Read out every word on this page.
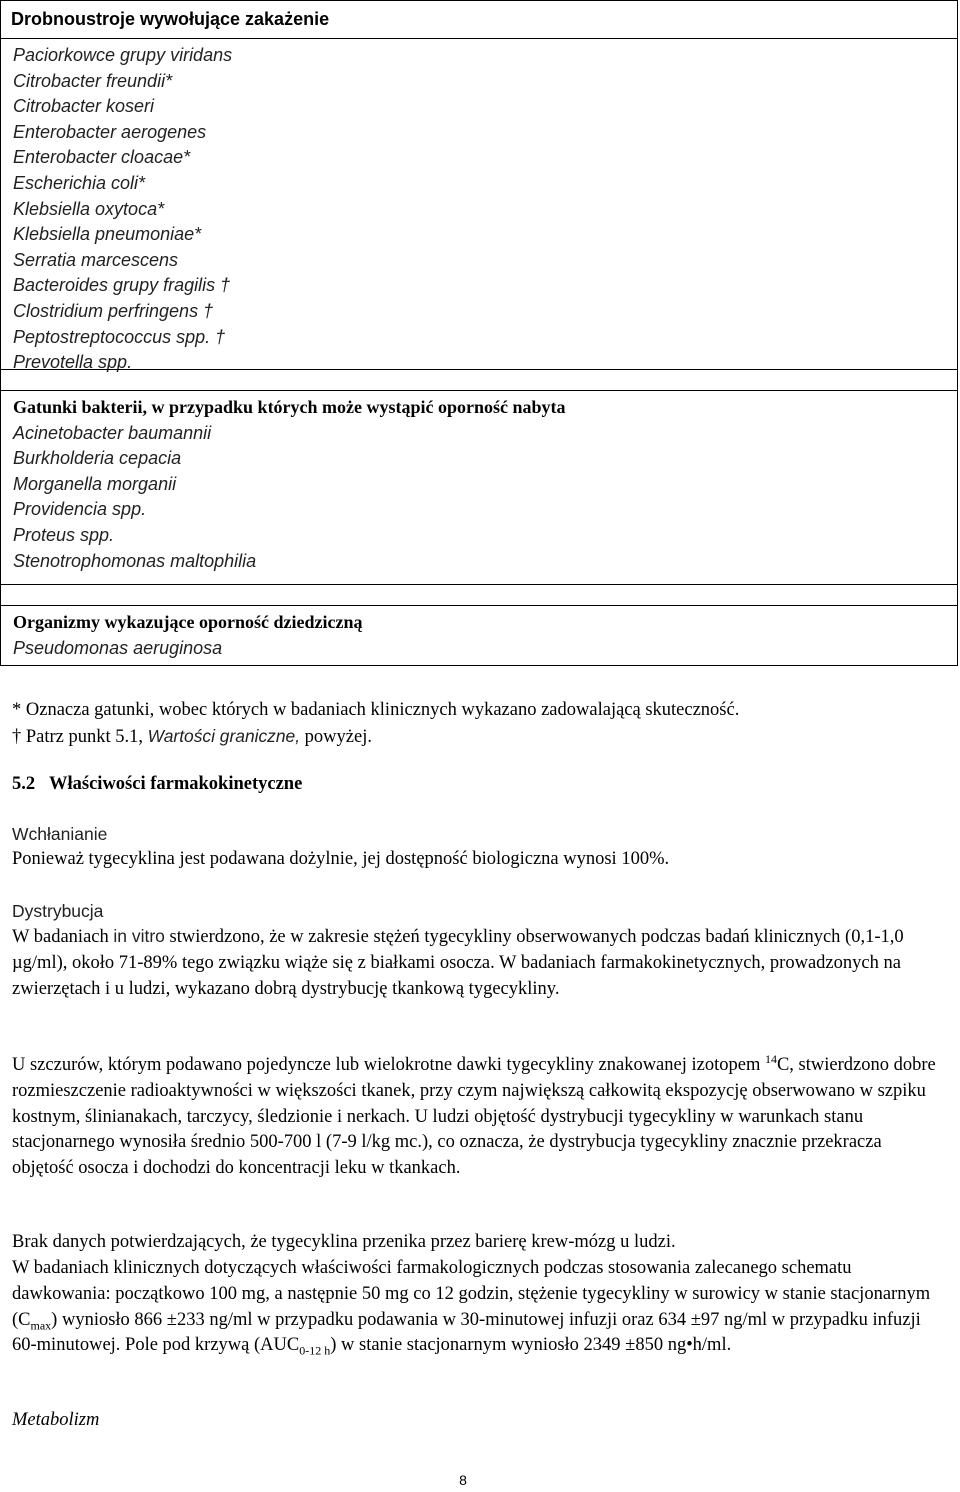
Drobnoustroje wywołujące zakażenie
Paciorkowce grupy viridans
Citrobacter freundii*
Citrobacter koseri
Enterobacter aerogenes
Enterobacter cloacae*
Escherichia coli*
Klebsiella oxytoca*
Klebsiella pneumoniae*
Serratia marcescens
Bacteroides grupy fragilis †
Clostridium perfringens †
Peptostreptococcus spp. †
Prevotella spp.
Gatunki bakterii, w przypadku których może wystąpić oporność nabyta
Acinetobacter baumannii
Burkholderia cepacia
Morganella morganii
Providencia spp.
Proteus spp.
Stenotrophomonas maltophilia
Organizmy wykazujące oporność dziedziczną
Pseudomonas aeruginosa
* Oznacza gatunki, wobec których w badaniach klinicznych wykazano zadowalającą skuteczność.
† Patrz punkt 5.1, Wartości graniczne, powyżej.
5.2 Właściwości farmakokinetyczne
Wchłanianie
Ponieważ tygecyklina jest podawana dożylnie, jej dostępność biologiczna wynosi 100%.
Dystrybucja
W badaniach in vitro stwierdzono, że w zakresie stężeń tygecykliny obserwowanych podczas badań klinicznych (0,1-1,0 µg/ml), około 71-89% tego związku wiąże się z białkami osocza. W badaniach farmakokinetycznych, prowadzonych na zwierzętach i u ludzi, wykazano dobrą dystrybucję tkankową tygecykliny.
U szczurów, którym podawano pojedyncze lub wielokrotne dawki tygecykliny znakowanej izotopem $^{14}$C, stwierdzono dobre rozmieszczenie radioaktywności w większości tkanek, przy czym największą całkowitą ekspozycję obserwowano w szpiku kostnym, ślinianakach, tarczycy, śledzionie i nerkach. U ludzi objętość dystrybucji tygecykliny w warunkach stanu stacjonarnego wynosiła średnio 500-700 l (7-9 l/kg mc.), co oznacza, że dystrybucja tygecykliny znacznie przekracza objętość osocza i dochodzi do koncentracji leku w tkankach.
Brak danych potwierdzających, że tygecyklina przenika przez barierę krew-mózg u ludzi.
W badaniach klinicznych dotyczących właściwości farmakologicznych podczas stosowania zalecanego schematu dawkowania: początkowo 100 mg, a następnie 50 mg co 12 godzin, stężenie tygecykliny w surowicy w stanie stacjonarnym $(C_{max})$ wyniosło 866 ±233 ng/ml w przypadku podawania w 30-minutowej infuzji oraz 634 ±97 ng/ml w przypadku infuzji 60-minutowej. Pole pod krzywą $(AUC_{0-12 h})$ w stanie stacjonarnym wyniosło 2349 ±850 ng•h/ml.
Metabolizm
8
